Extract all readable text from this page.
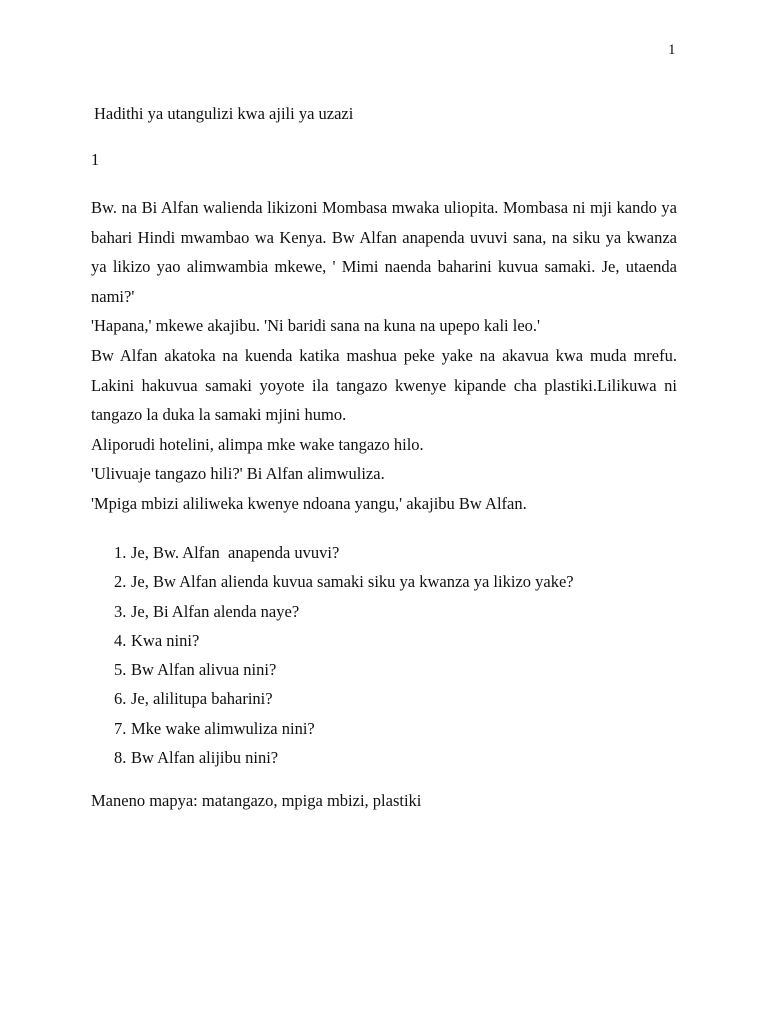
1
Hadithi ya utangulizi kwa ajili ya uzazi
1

Bw. na Bi Alfan walienda likizoni Mombasa mwaka uliopita. Mombasa ni mji kando ya bahari Hindi mwambao wa Kenya. Bw Alfan anapenda uvuvi sana, na siku ya kwanza ya likizo yao alimwambia mkewe, ' Mimi naenda baharini kuvua samaki. Je, utaenda nami?'

'Hapana,' mkewe akajibu. 'Ni baridi sana na kuna na upepo kali leo.'

Bw Alfan akatoka na kuenda katika mashua peke yake na akavua kwa muda mrefu. Lakini hakuvua samaki yoyote ila tangazo kwenye kipande cha plastiki.Lilikuwa ni tangazo la duka la samaki mjini humo.

Aliporudi hotelini, alimpa mke wake tangazo hilo.

'Ulivuaje tangazo hili?' Bi Alfan alimwuliza.

'Mpiga mbizi aliliweka kwenye ndoana yangu,' akajibu Bw Alfan.

1. Je, Bw. Alfan  anapenda uvuvi?
2. Je, Bw Alfan alienda kuvua samaki siku ya kwanza ya likizo yake?
3. Je, Bi Alfan alenda naye?
4. Kwa nini?
5. Bw Alfan alivua nini?
6. Je, alilitupa baharini?
7. Mke wake alimwuliza nini?
8. Bw Alfan alijibu nini?
Maneno mapya: matangazo, mpiga mbizi, plastiki
